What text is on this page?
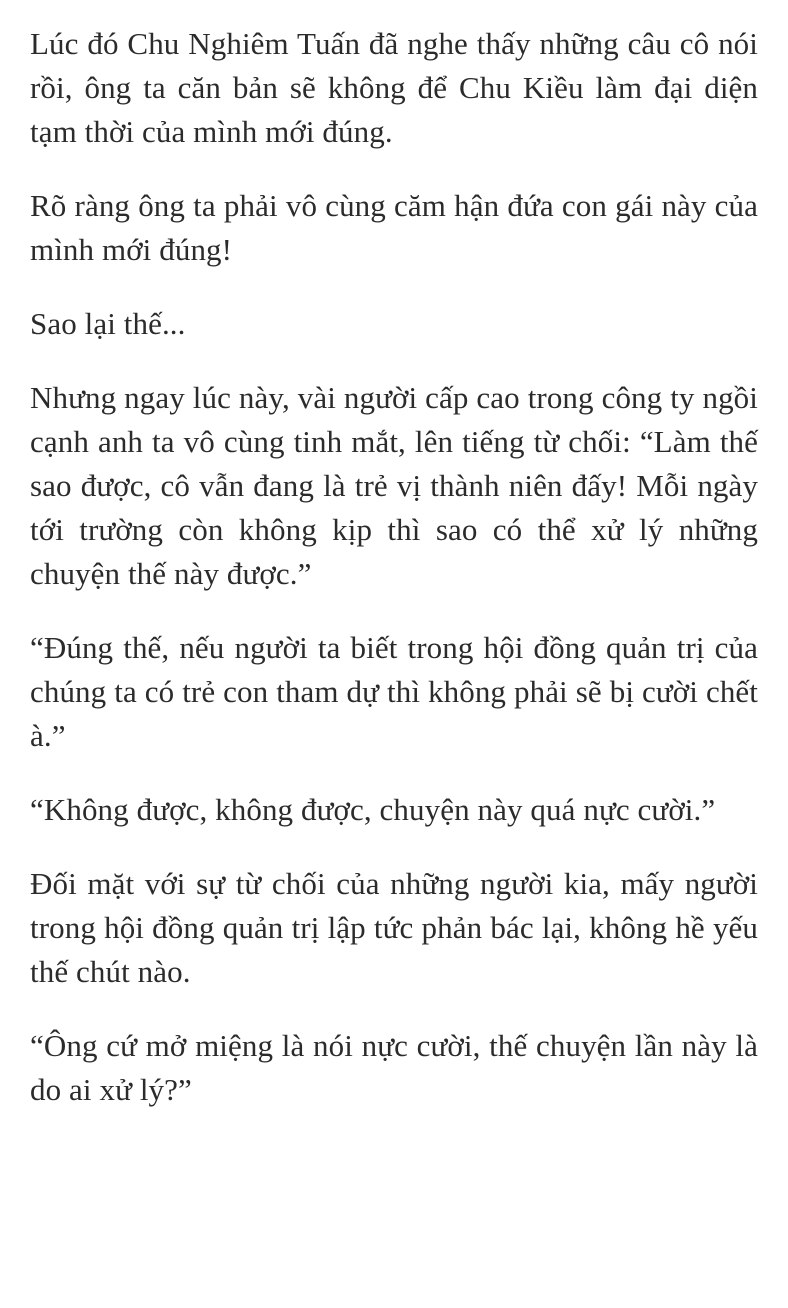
Lúc đó Chu Nghiêm Tuấn đã nghe thấy những câu cô nói rồi, ông ta căn bản sẽ không để Chu Kiều làm đại diện tạm thời của mình mới đúng.

Rõ ràng ông ta phải vô cùng căm hận đứa con gái này của mình mới đúng!

Sao lại thế...

Nhưng ngay lúc này, vài người cấp cao trong công ty ngồi cạnh anh ta vô cùng tinh mắt, lên tiếng từ chối: “Làm thế sao được, cô vẫn đang là trẻ vị thành niên đấy! Mỗi ngày tới trường còn không kịp thì sao có thể xử lý những chuyện thế này được.”

“Đúng thế, nếu người ta biết trong hội đồng quản trị của chúng ta có trẻ con tham dự thì không phải sẽ bị cười chết à.”

“Không được, không được, chuyện này quá nực cười.”

Đối mặt với sự từ chối của những người kia, mấy người trong hội đồng quản trị lập tức phản bác lại, không hề yếu thế chút nào.

“Ông cứ mở miệng là nói nực cười, thế chuyện lần này là do ai xử lý?”
